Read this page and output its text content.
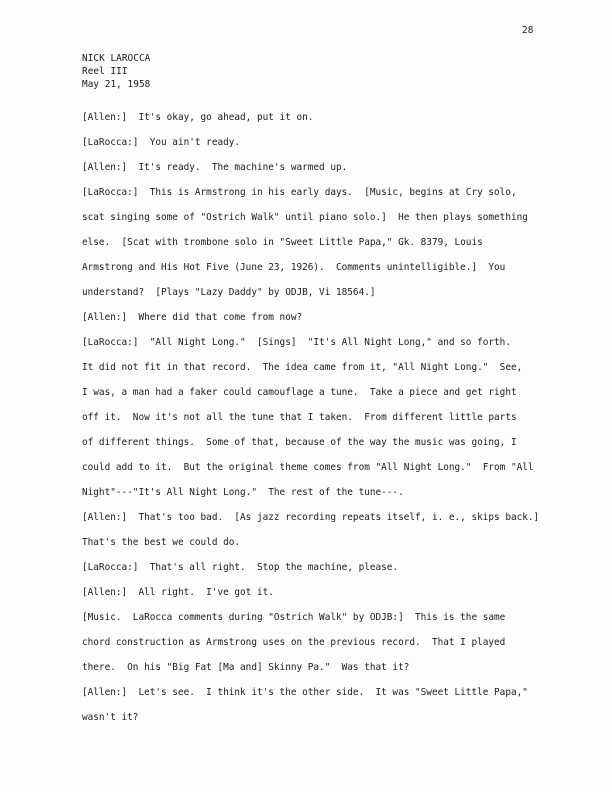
28
NICK LAROCCA
Reel III
May 21, 1958
[Allen:]  It's okay, go ahead, put it on.
[LaRocca:]  You ain't ready.
[Allen:]  It's ready.  The machine's warmed up.
[LaRocca:]  This is Armstrong in his early days.  [Music, begins at Cry solo,
scat singing some of "Ostrich Walk" until piano solo.]  He then plays something
else.  [Scat with trombone solo in "Sweet Little Papa," Gk. 8379, Louis
Armstrong and His Hot Five (June 23, 1926).  Comments unintelligible.]  You
understand?  [Plays "Lazy Daddy" by ODJB, Vi 18564.]
[Allen:]  Where did that come from now?
[LaRocca:]  "All Night Long."  [Sings]  "It's All Night Long," and so forth.
It did not fit in that record.  The idea came from it, "All Night Long."  See,
I was, a man had a faker could camouflage a tune.  Take a piece and get right
off it.  Now it's not all the tune that I taken.  From different little parts
of different things.  Some of that, because of the way the music was going, I
could add to it.  But the original theme comes from "All Night Long."  From "All
Night"---"It's All Night Long."  The rest of the tune---.
[Allen:]  That's too bad.  [As jazz recording repeats itself, i. e., skips back.]
That's the best we could do.
[LaRocca:]  That's all right.  Stop the machine, please.
[Allen:]  All right.  I've got it.
[Music.  LaRocca comments during "Ostrich Walk" by ODJB:]  This is the same
chord construction as Armstrong uses on the previous record.  That I played
there.  On his "Big Fat [Ma and] Skinny Pa."  Was that it?
[Allen:]  Let's see.  I think it's the other side.  It was "Sweet Little Papa,"
wasn't it?
